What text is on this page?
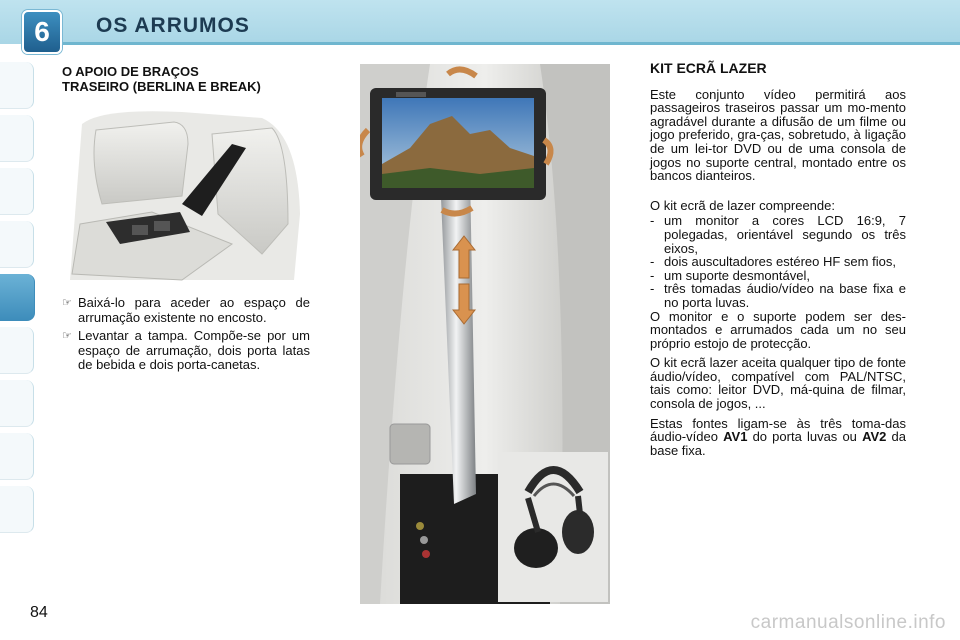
6	OS ARRUMOS
O APOIO DE BRAÇOS
TRASEIRO (BERLINA E BREAK)
☞ Baixá-lo para aceder ao espaço de arrumação existente no encosto.
☞ Levantar a tampa. Compõe-se por um espaço de arrumação, dois porta latas de bebida e dois porta-canetas.
KIT ECRÃ LAZER

Este conjunto vídeo permitirá aos passageiros traseiros passar um mo-mento agradável durante a difusão de um filme ou jogo preferido, gra-ças, sobretudo, à ligação de um lei-tor DVD ou de uma consola de jogos no suporte central, montado entre os bancos dianteiros.

O kit ecrã de lazer compreende:

- um monitor a cores LCD 16:9, 7 polegadas, orientável segundo os três eixos,
- dois auscultadores estéreo HF sem fios,
- um suporte desmontável,
- três tomadas áudio/vídeo na base fixa e no porta luvas.

O monitor e o suporte podem ser des-montados e arrumados cada um no seu próprio estojo de protecção.

O kit ecrã lazer aceita qualquer tipo de fonte áudio/vídeo, compatível com PAL/NTSC, tais como: leitor DVD, má-quina de filmar, consola de jogos, ...

Estas fontes ligam-se às três toma-das áudio-vídeo AV1 do porta luvas ou AV2 da base fixa.

84	carmanualsonline.info
